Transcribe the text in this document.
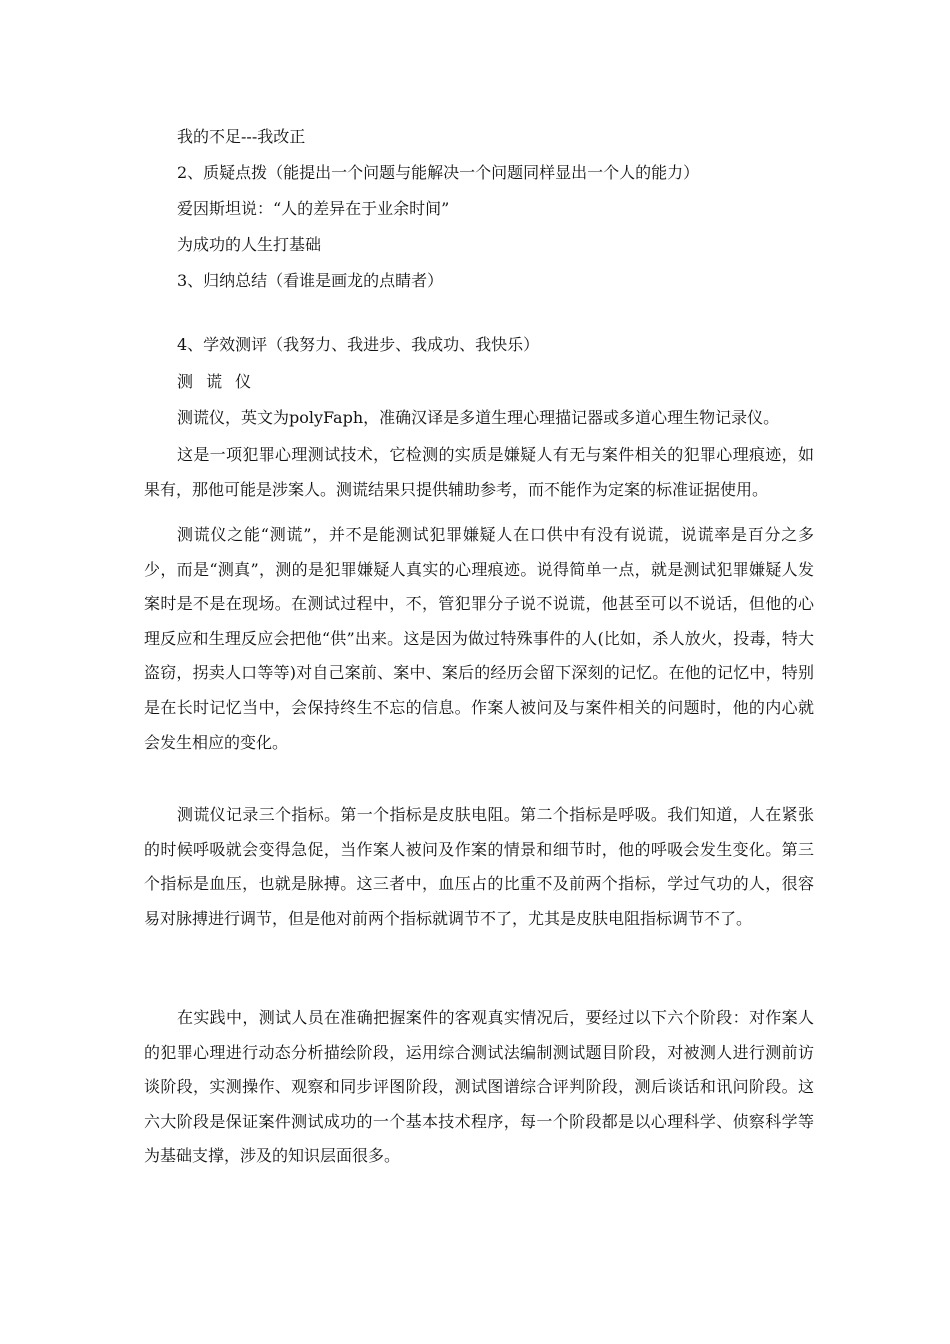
我的不足---我改正
2、质疑点拨（能提出一个问题与能解决一个问题同样显出一个人的能力）
爱因斯坦说：“人的差异在于业余时间”
为成功的人生打基础
3、归纳总结（看谁是画龙的点睛者）
4、学效测评（我努力、我进步、我成功、我快乐）
测 谎 仪
测谎仪，英文为polyFaph，准确汉译是多道生理心理描记器或多道心理生物记录仪。
这是一项犯罪心理测试技术，它检测的实质是嫌疑人有无与案件相关的犯罪心理痕迹，如果有，那他可能是涉案人。测谎结果只提供辅助参考，而不能作为定案的标准证据使用。
测谎仪之能“测谎”，并不是能测试犯罪嫌疑人在口供中有没有说谎，说谎率是百分之多少，而是“测真”，测的是犯罪嫌疑人真实的心理痕迹。说得简单一点，就是测试犯罪嫌疑人发案时是不是在现场。在测试过程中，不，管犯罪分子说不说谎，他甚至可以不说话，但他的心理反应和生理反应会把他“供”出来。这是因为做过特殊事件的人(比如，杀人放火，投毒，特大盗窃，拐卖人口等等)对自己案前、案中、案后的经历会留下深刻的记忆。在他的记忆中，特别是在长时记忆当中，会保持终生不忘的信息。作案人被问及与案件相关的问题时，他的内心就会发生相应的变化。
测谎仪记录三个指标。第一个指标是皮肤电阻。第二个指标是呼吸。我们知道，人在紧张的时候呼吸就会变得急促，当作案人被问及作案的情景和细节时，他的呼吸会发生变化。第三个指标是血压，也就是脉搏。这三者中，血压占的比重不及前两个指标，学过气功的人，很容易对脉搏进行调节，但是他对前两个指标就调节不了，尤其是皮肤电阻指标调节不了。
在实践中，测试人员在准确把握案件的客观真实情况后，要经过以下六个阶段：对作案人的犯罪心理进行动态分析描绘阶段，运用综合测试法编制测试题目阶段，对被测人进行测前访谈阶段，实测操作、观察和同步评图阶段，测试图谱综合评判阶段，测后谈话和讯问阶段。这六大阶段是保证案件测试成功的一个基本技术程序，每一个阶段都是以心理科学、侦察科学等为基础支撑，涉及的知识层面很多。
